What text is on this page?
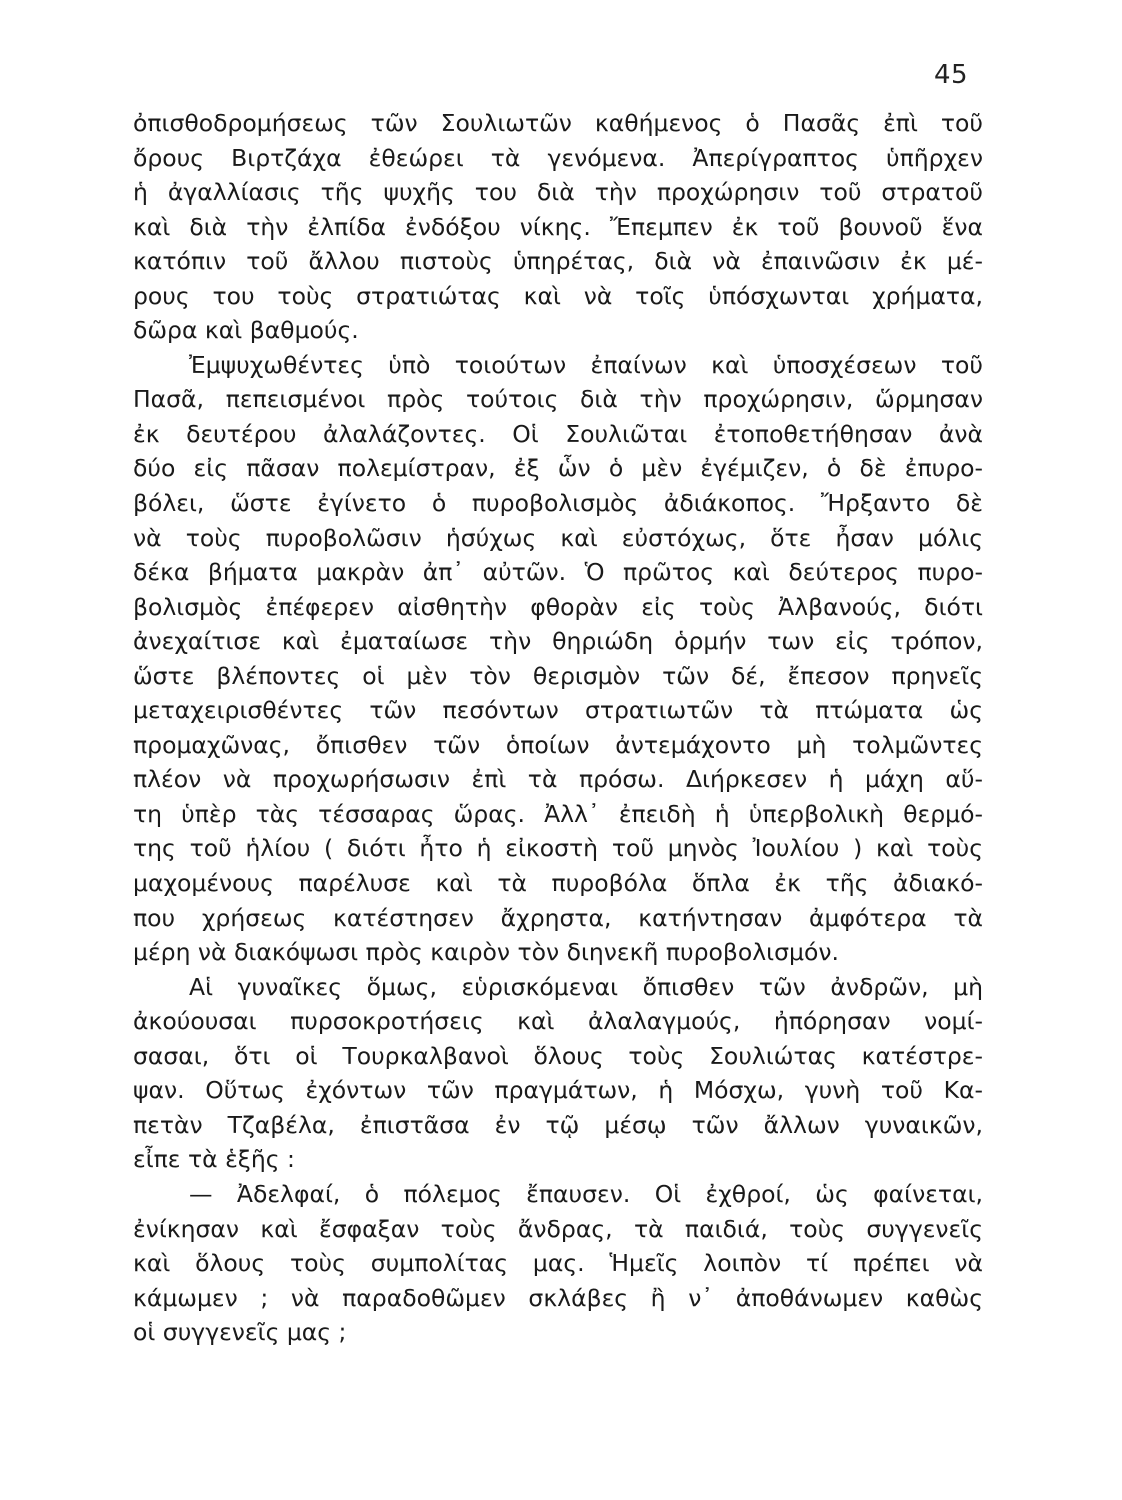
45
ὀπισθοδρομήσεως τῶν Σουλιωτῶν καθήμενος ὁ Πασᾶς ἐπὶ τοῦ
ὄρους Βιρτζάχα ἐθεώρει τὰ γενόμενα. Ἀπερίγραπτος ὑπῆρχεν
ἡ ἀγαλλίασις τῆς ψυχῆς του διὰ τὴν προχώρησιν τοῦ στρατοῦ
καὶ διὰ τὴν ἐλπίδα ἐνδόξου νίκης. Ἔπεμπεν ἐκ τοῦ βουνοῦ ἕνα
κατόπιν τοῦ ἄλλου πιστοὺς ὑπηρέτας, διὰ νὰ ἐπαινῶσιν ἐκ μέ-
ρους του τοὺς στρατιώτας καὶ νὰ τοῖς ὑπόσχωνται χρήματα,
δῶρα καὶ βαθμούς.
Ἐμψυχωθέντες ὑπὸ τοιούτων ἐπαίνων καὶ ὑποσχέσεων τοῦ
Πασᾶ, πεπεισμένοι πρὸς τούτοις διὰ τὴν προχώρησιν, ὥρμησαν
ἐκ δευτέρου ἀλαλάζοντες. Οἱ Σουλιῶται ἐτοποθετήθησαν ἀνὰ
δύο εἰς πᾶσαν πολεμίστραν, ἐξ ὧν ὁ μὲν ἐγέμιζεν, ὁ δὲ ἐπυρο-
βόλει, ὥστε ἐγίνετο ὁ πυροβολισμὸς ἀδιάκοπος. Ἤρξαντο δὲ
νὰ τοὺς πυροβολῶσιν ἡσύχως καὶ εὐστόχως, ὅτε ἦσαν μόλις
δέκα βήματα μακρὰν ἀπ᾽ αὐτῶν. Ὁ πρῶτος καὶ δεύτερος πυρο-
βολισμὸς ἐπέφερεν αἰσθητὴν φθορὰν εἰς τοὺς Ἀλβανούς, διότι
ἀνεχαίτισε καὶ ἐματαίωσε τὴν θηριώδη ὁρμήν των εἰς τρόπον,
ὥστε βλέποντες οἱ μὲν τὸν θερισμὸν τῶν δέ, ἔπεσον πρηνεῖς
μεταχειρισθέντες τῶν πεσόντων στρατιωτῶν τὰ πτώματα ὡς
προμαχῶνας, ὄπισθεν τῶν ὁποίων ἀντεμάχοντο μὴ τολμῶντες
πλέον νὰ προχωρήσωσιν ἐπὶ τὰ πρόσω. Διήρκεσεν ἡ μάχη αὕ-
τη ὑπὲρ τὰς τέσσαρας ὥρας. Ἀλλ᾽ ἐπειδὴ ἡ ὑπερβολικὴ θερμό-
της τοῦ ἡλίου ( διότι ἦτο ἡ εἰκοστὴ τοῦ μηνὸς Ἰουλίου ) καὶ τοὺς
μαχομένους παρέλυσε καὶ τὰ πυροβόλα ὅπλα ἐκ τῆς ἀδιακό-
που χρήσεως κατέστησεν ἄχρηστα, κατήντησαν ἀμφότερα τὰ
μέρη νὰ διακόψωσι πρὸς καιρὸν τὸν διηνεκῆ πυροβολισμόν.
Αἱ γυναῖκες ὅμως, εὑρισκόμεναι ὄπισθεν τῶν ἀνδρῶν, μὴ
ἀκούουσαι πυρσοκροτήσεις καὶ ἀλαλαγμούς, ἠπόρησαν νομί-
σασαι, ὅτι οἱ Τουρκαλβανοὶ ὅλους τοὺς Σουλιώτας κατέστρε-
ψαν. Οὕτως ἐχόντων τῶν πραγμάτων, ἡ Μόσχω, γυνὴ τοῦ Κα-
πετὰν Τζαβέλα, ἐπιστᾶσα ἐν τῷ μέσῳ τῶν ἄλλων γυναικῶν,
εἶπε τὰ ἑξῆς :
— Ἀδελφαί, ὁ πόλεμος ἔπαυσεν. Οἱ ἐχθροί, ὡς φαίνεται,
ἐνίκησαν καὶ ἔσφαξαν τοὺς ἄνδρας, τὰ παιδιά, τοὺς συγγενεῖς
καὶ ὅλους τοὺς συμπολίτας μας. Ἡμεῖς λοιπὸν τί πρέπει νὰ
κάμωμεν ; νὰ παραδοθῶμεν σκλάβες ἢ ν᾽ ἀποθάνωμεν καθὼς
οἱ συγγενεῖς μας ;
